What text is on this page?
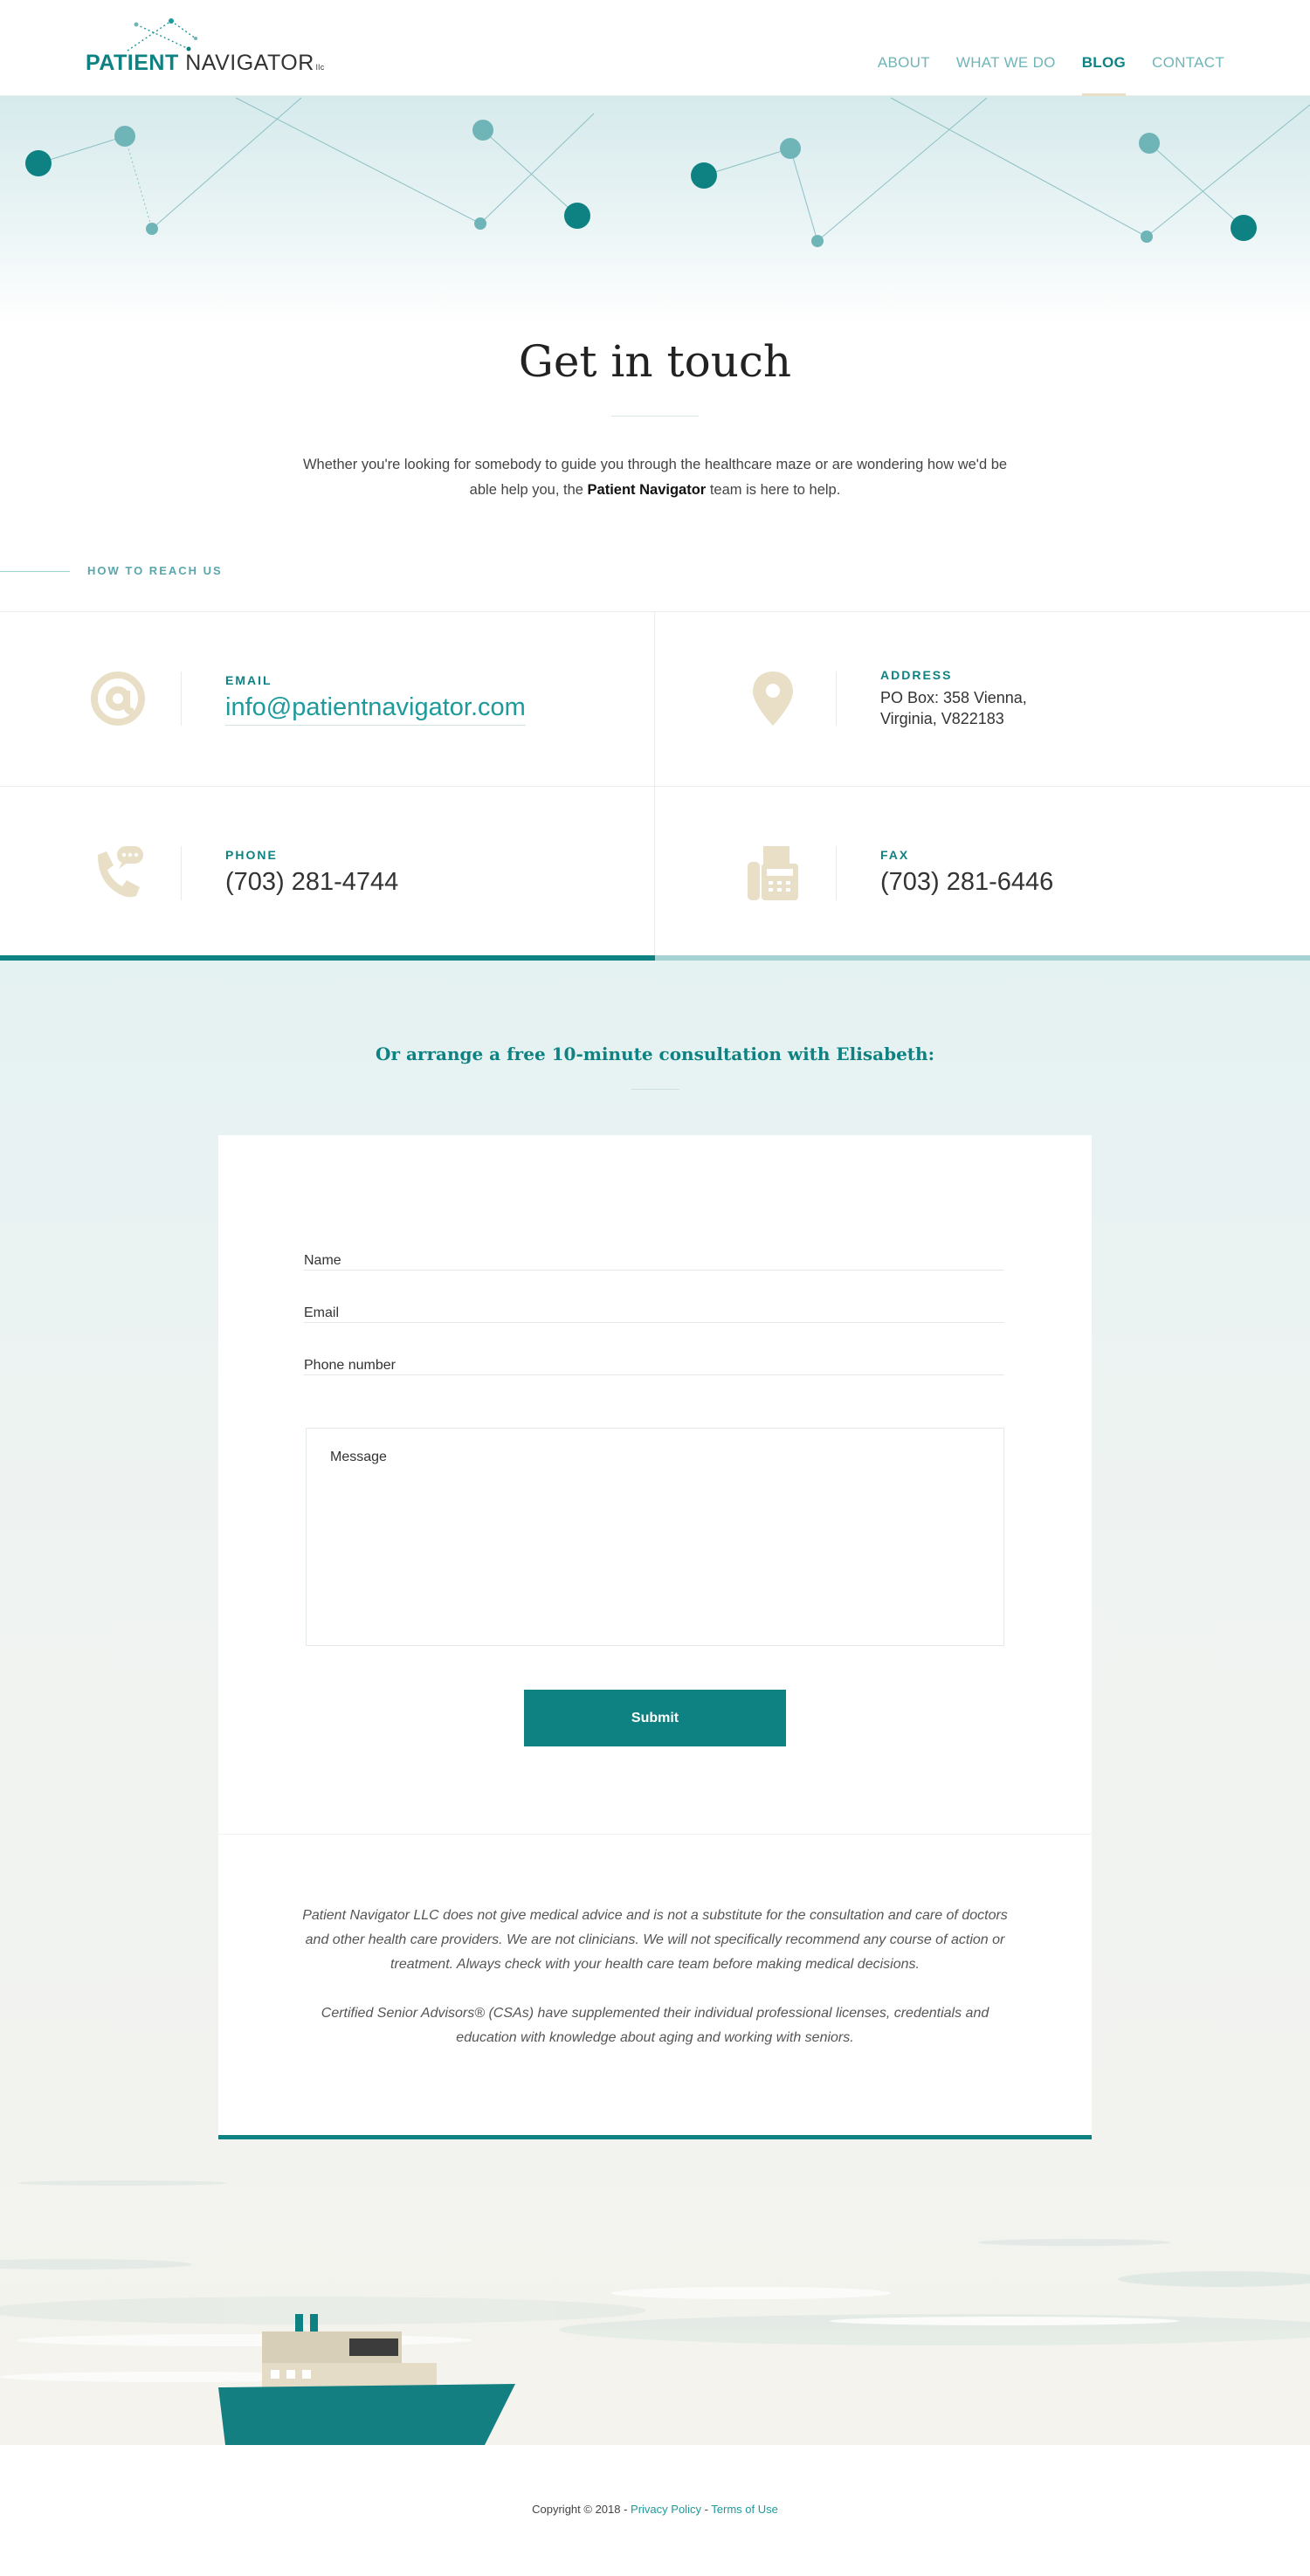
PATIENT NAVIGATOR llc	ABOUT WHAT WE DO BLOG CONTACT
Get in touch

Whether you're looking for somebody to guide you through the healthcare maze or are wondering how we'd be able help you, the Patient Navigator team is here to help.

HOW TO REACH US
EMAIL
info@patientnavigator.com
ADDRESS
PO Box: 358 Vienna,
Virginia, V822183
PHONE
(703) 281-4744
FAX
(703) 281-6446
Or arrange a free 10-minute consultation with Elisabeth:
Name
Email
Phone number
Message
Submit

Patient Navigator LLC does not give medical advice and is not a substitute for the consultation and care of doctors and other health care providers. We are not clinicians. We will not specifically recommend any course of action or treatment. Always check with your health care team before making medical decisions.

Certified Senior Advisors® (CSAs) have supplemented their individual professional licenses, credentials and education with knowledge about aging and working with seniors.

Copyright © 2018 - Privacy Policy - Terms of Use
